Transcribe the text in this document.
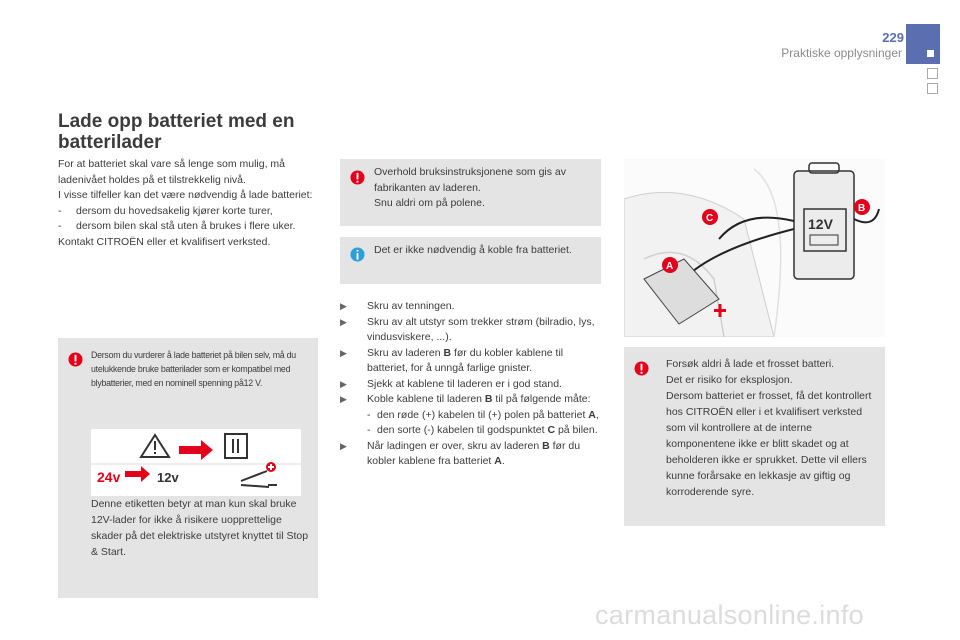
229
Praktiske opplysninger
Lade opp batteriet med en batterilader

For at batteriet skal vare så lenge som mulig, må ladenivået holdes på et tilstrekkelig nivå.

I visse tilfeller kan det være nødvendig å lade batteriet:

- dersom du hovedsakelig kjører korte turer,

- dersom bilen skal stå uten å brukes i flere uker.

Kontakt CITROËN eller et kvalifisert verksted.

Dersom du vurderer å lade batteriet på bilen selv, må du utelukkende bruke batterilader som er kompatibel med blybatterier, med en nominell spenning på12 V.
24v	12v
Denne etiketten betyr at man kun skal bruke 12V-lader for ikke å risikere uopprettelige skader på det elektriske utstyret knyttet til Stop & Start.
Overhold bruksinstruksjonene som gis av fabrikanten av laderen.
Snu aldri om på polene.
Det er ikke nødvendig å koble fra batteriet.
▶ Skru av tenningen.
▶ Skru av alt utstyr som trekker strøm (bilradio, lys, vindusviskere, ...).
▶ Skru av laderen B før du kobler kablene til batteriet, for å unngå farlige gnister.
▶ Sjekk at kablene til laderen er i god stand.
▶ Koble kablene til laderen B til på følgende måte:
- den røde (+) kabelen til (+) polen på batteriet A,
- den sorte (-) kabelen til godspunktet C på bilen.
▶ Når ladingen er over, skru av laderen B før du kobler kablene fra batteriet A.
12V
A
B
C
Forsøk aldri å lade et frosset batteri.
Det er risiko for eksplosjon.
Dersom batteriet er frosset, få det kontrollert hos CITROËN eller i et kvalifisert verksted som vil kontrollere at de interne komponentene ikke er blitt skadet og at beholderen ikke er sprukket. Dette vil ellers kunne forårsake en lekkasje av giftig og korroderende syre.
carmanualsonline.info
